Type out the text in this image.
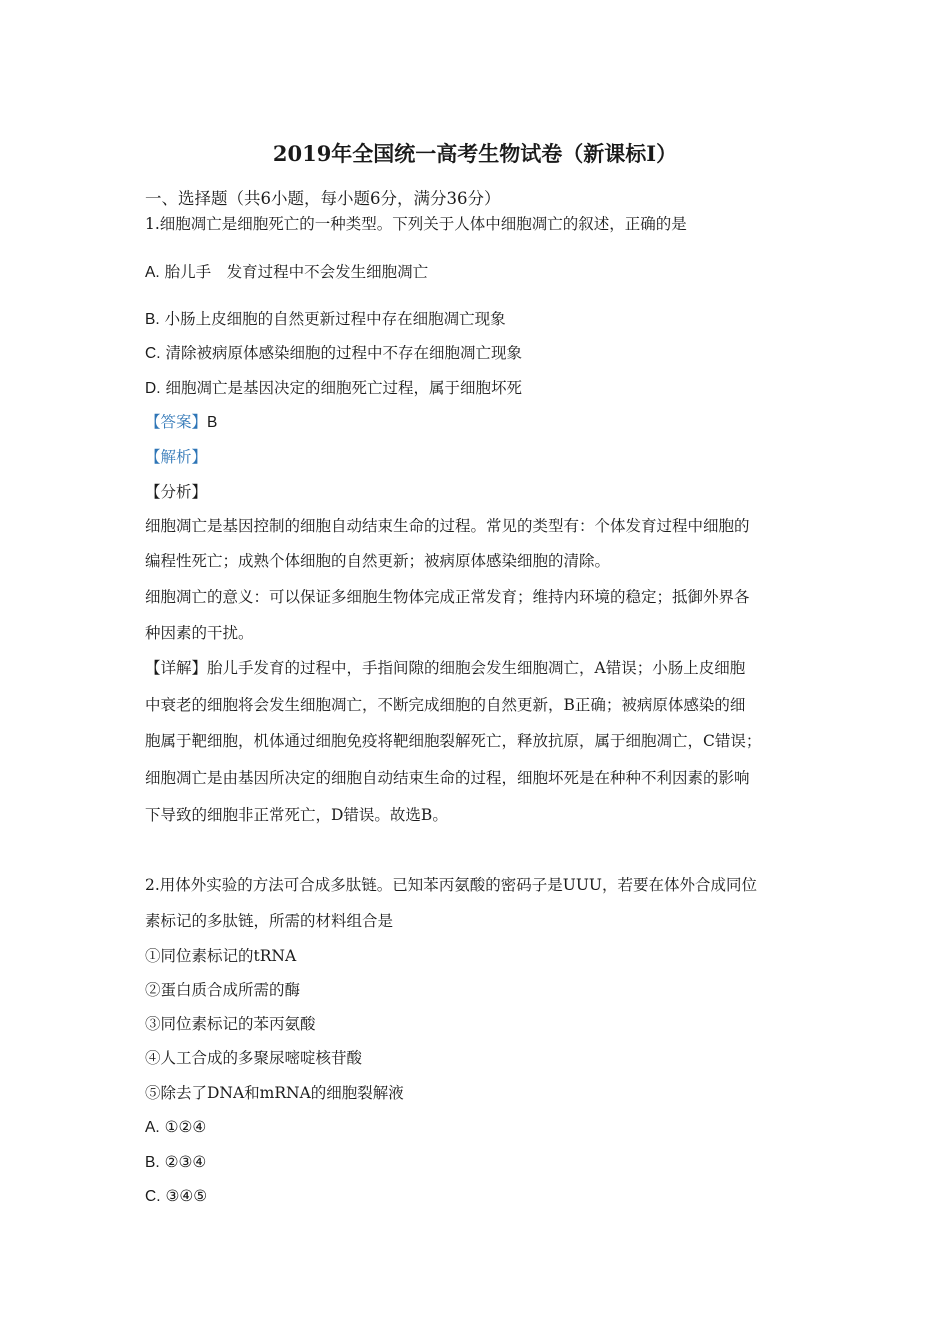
2019年全国统一高考生物试卷（新课标Ⅰ）
一、选择题（共6小题，每小题6分，满分36分）
1.细胞凋亡是细胞死亡的一种类型。下列关于人体中细胞凋亡的叙述，正确的是
A. 胎儿手　发育过程中不会发生细胞凋亡
B. 小肠上皮细胞的自然更新过程中存在细胞凋亡现象
C. 清除被病原体感染细胞的过程中不存在细胞凋亡现象
D. 细胞凋亡是基因决定的细胞死亡过程，属于细胞坏死
【答案】B
【解析】
【分析】
细胞凋亡是基因控制的细胞自动结束生命的过程。常见的类型有：个体发育过程中细胞的
编程性死亡；成熟个体细胞的自然更新；被病原体感染细胞的清除。
细胞凋亡的意义：可以保证多细胞生物体完成正常发育；维持内环境的稳定；抵御外界各
种因素的干扰。
【详解】胎儿手发育的过程中，手指间隙的细胞会发生细胞凋亡，A错误；小肠上皮细胞
中衰老的细胞将会发生细胞凋亡，不断完成细胞的自然更新，B正确；被病原体感染的细
胞属于靶细胞，机体通过细胞免疫将靶细胞裂解死亡，释放抗原，属于细胞凋亡，C错误；
细胞凋亡是由基因所决定的细胞自动结束生命的过程，细胞坏死是在种种不利因素的影响
下导致的细胞非正常死亡，D错误。故选B。
2.用体外实验的方法可合成多肽链。已知苯丙氨酸的密码子是UUU，若要在体外合成同位
素标记的多肽链，所需的材料组合是
①同位素标记的tRNA
②蛋白质合成所需的酶
③同位素标记的苯丙氨酸
④人工合成的多聚尿嘧啶核苷酸
⑤除去了DNA和mRNA的细胞裂解液
A. ①②④
B. ②③④
C. ③④⑤
